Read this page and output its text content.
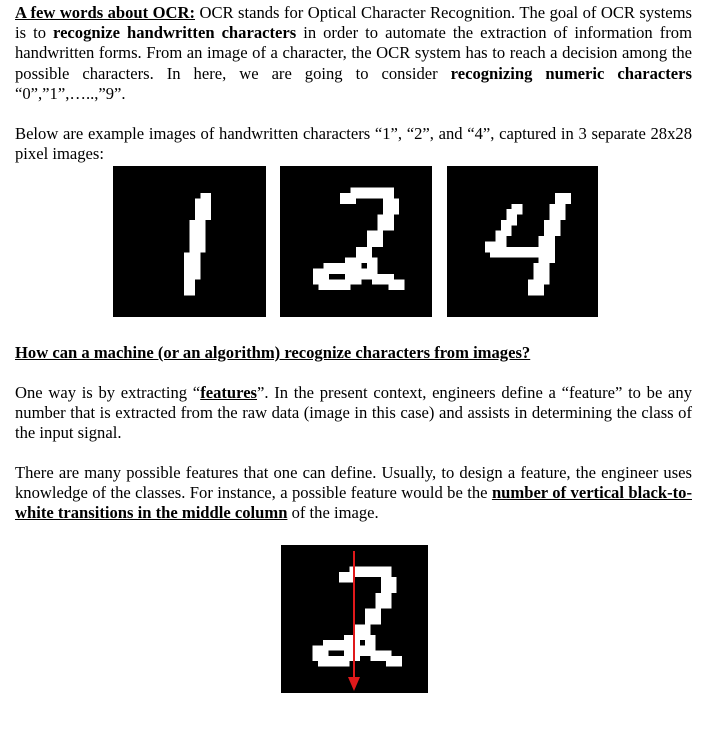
A few words about OCR: OCR stands for Optical Character Recognition. The goal of OCR systems is to recognize handwritten characters in order to automate the extraction of information from handwritten forms. From an image of a character, the OCR system has to reach a decision among the possible characters. In here, we are going to consider recognizing numeric characters “0”,”1”,…..,”9”.
Below are example images of handwritten characters “1”, “2”, and “4”, captured in 3 separate 28x28 pixel images:
How can a machine (or an algorithm) recognize characters from images?
One way is by extracting “features”. In the present context, engineers define a “feature” to be any number that is extracted from the raw data (image in this case) and assists in determining the class of the input signal.
There are many possible features that one can define. Usually, to design a feature, the engineer uses knowledge of the classes. For instance, a possible feature would be the number of vertical black-to-white transitions in the middle column of the image.
